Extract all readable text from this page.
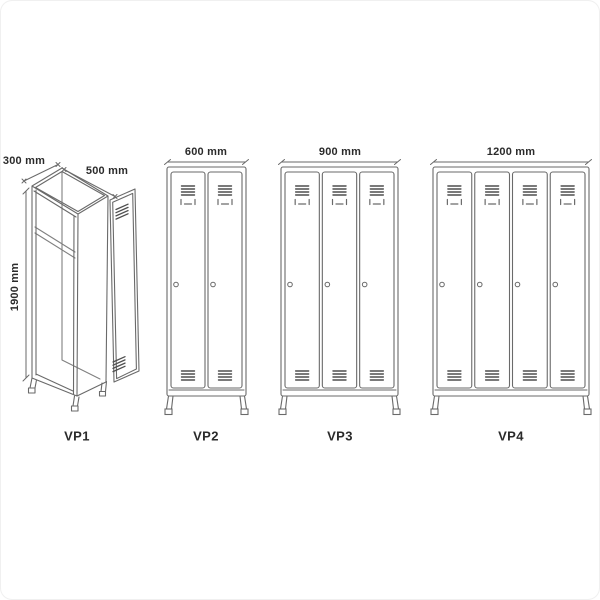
300 mm
500 mm
1900 mm
600 mm	900 mm	1200 mm
VP1	VP2	VP3	VP4
